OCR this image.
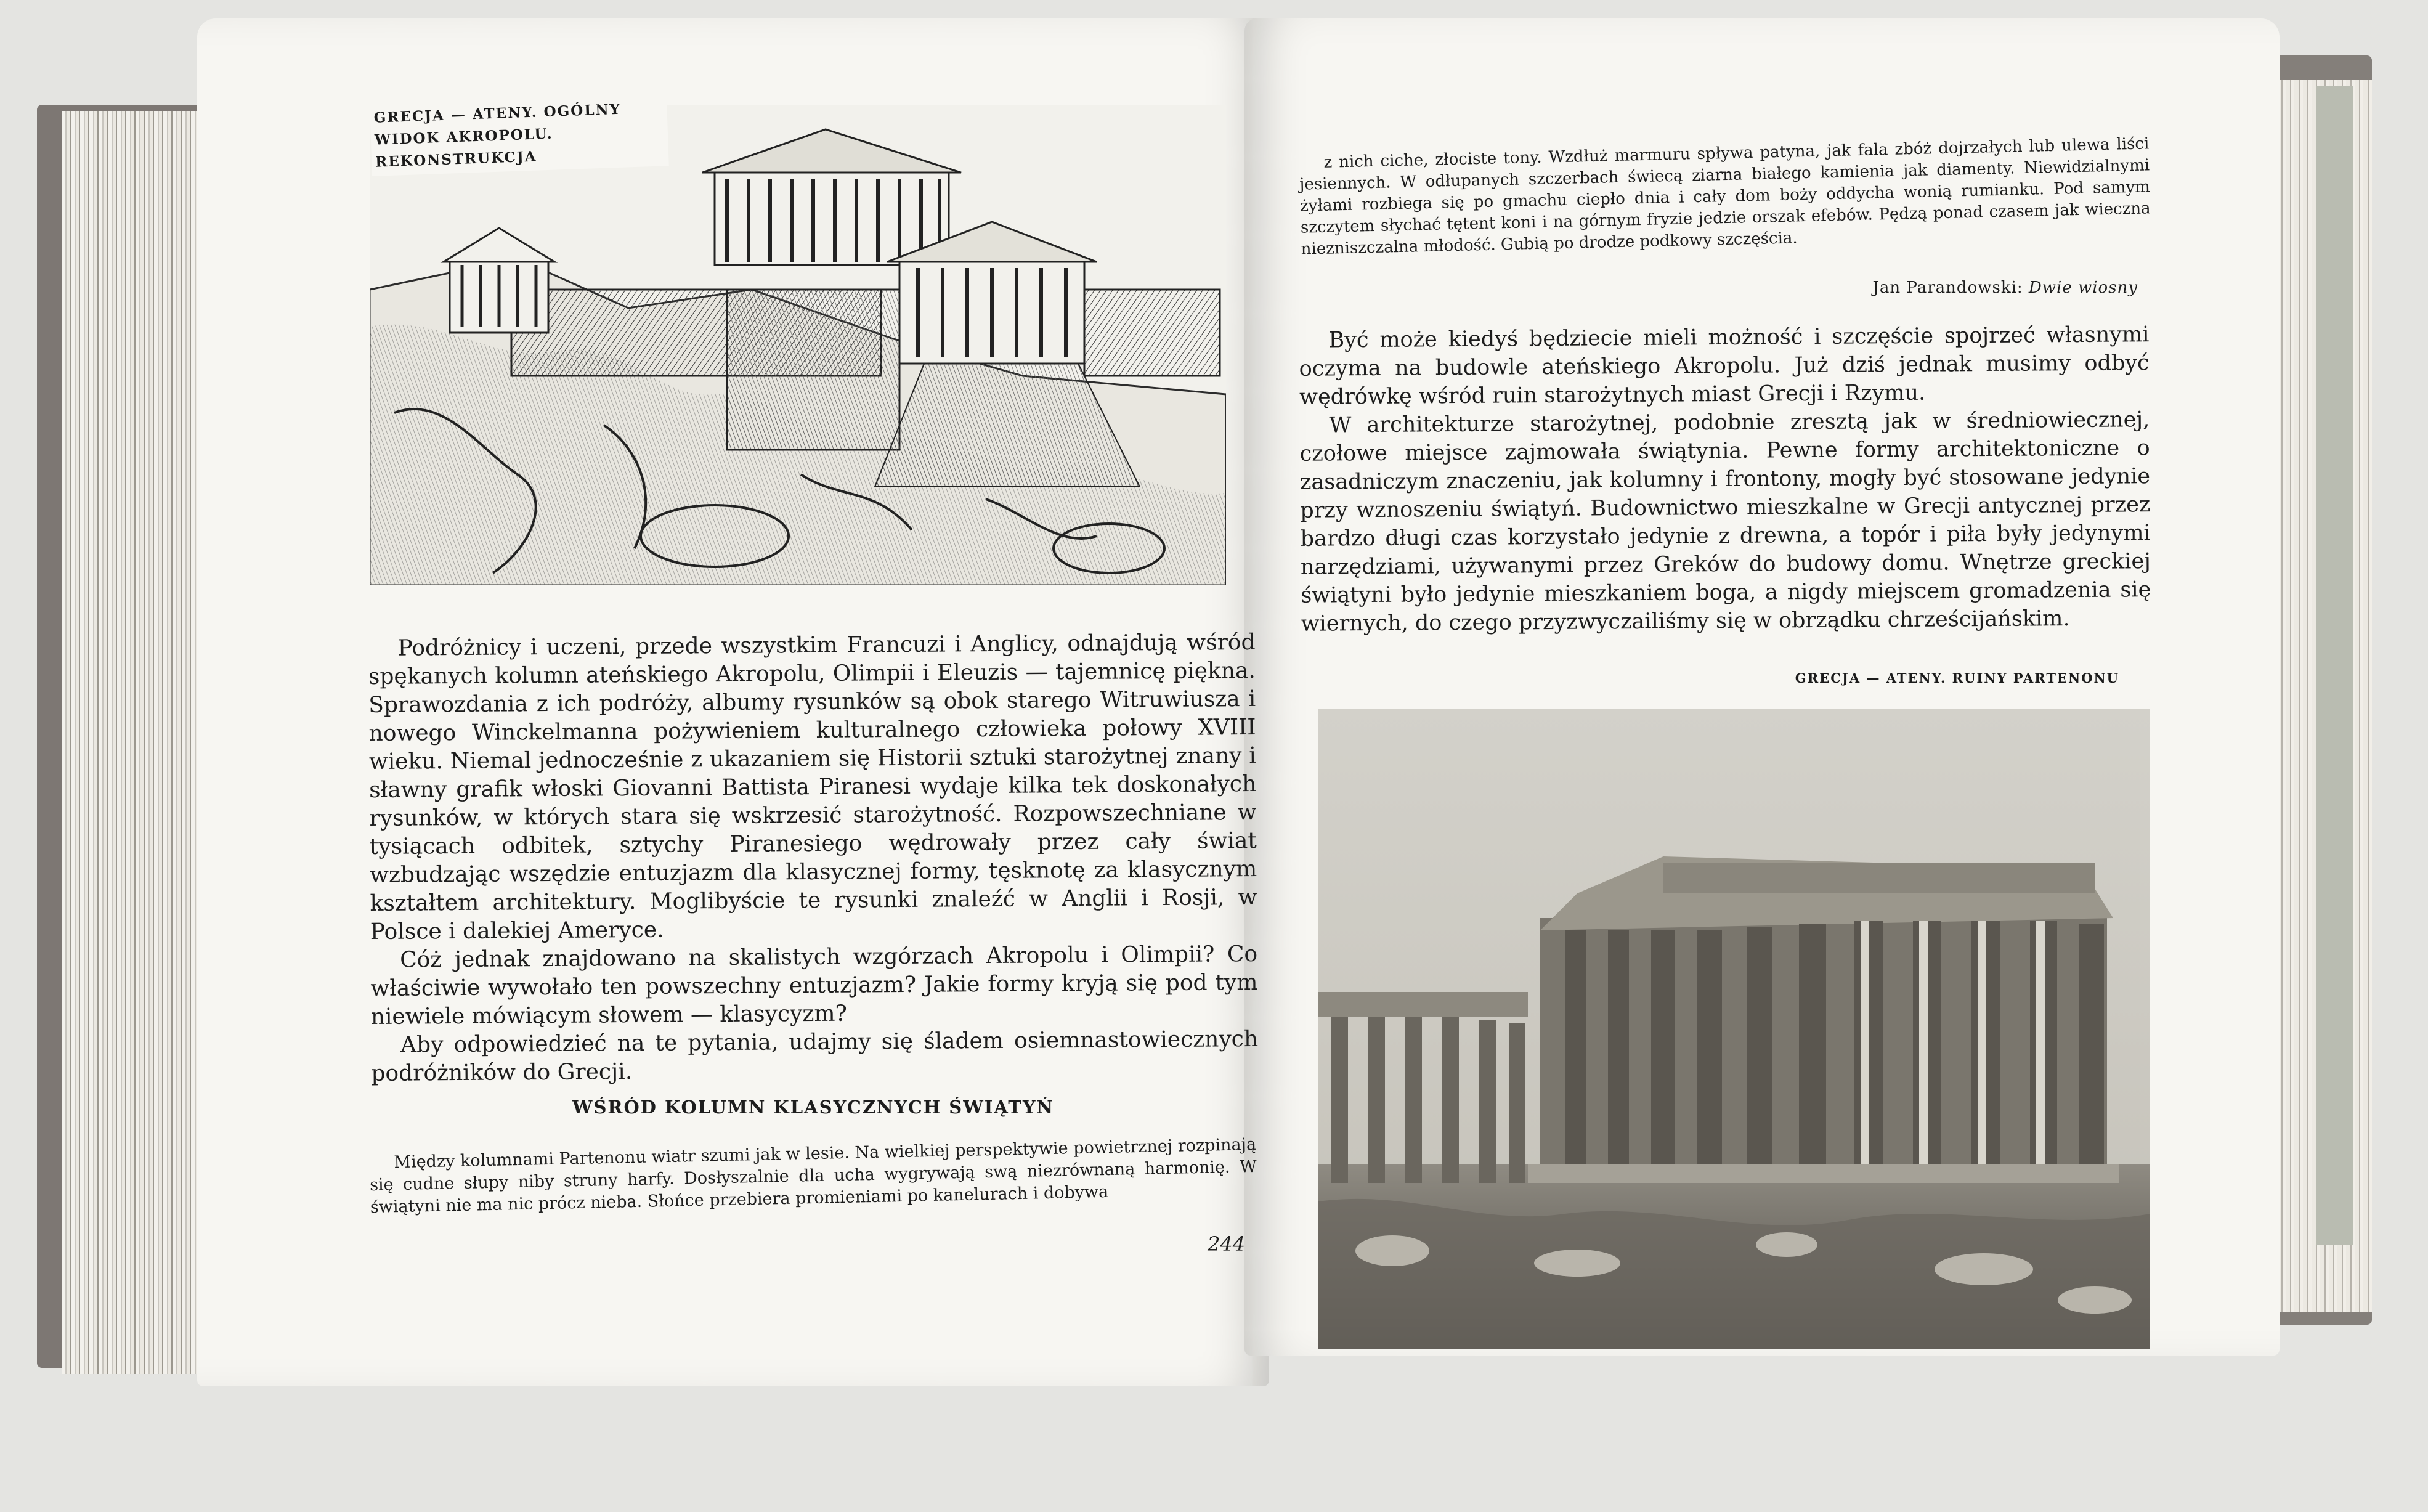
GRECJA — ATENY. OGÓLNY WIDOK AKROPOLU. REKONSTRUKCJA

Podróżnicy i uczeni, przede wszystkim Francuzi i Anglicy, odnajdują wśród spękanych kolumn ateńskiego Akropolu, Olimpii i Eleuzis — tajemnicę piękna. Sprawozdania z ich podróży, albumy rysunków są obok starego Witruwiusza i nowego Winckelmanna pożywieniem kulturalnego człowieka połowy XVIII wieku. Niemal jednocześnie z ukazaniem się Historii sztuki starożytnej znany i sławny grafik włoski Giovanni Battista Piranesi wydaje kilka tek doskonałych rysunków, w których stara się wskrzesić starożytność. Rozpowszechniane w tysiącach odbitek, sztychy Piranesiego wędrowały przez cały świat wzbudzając wszędzie entuzjazm dla klasycznej formy, tęsknotę za klasycznym kształtem architektury. Moglibyście te rysunki znaleźć w Anglii i Rosji, w Polsce i dalekiej Ameryce.

Cóż jednak znajdowano na skalistych wzgórzach Akropolu i Olimpii? Co właściwie wywołało ten powszechny entuzjazm? Jakie formy kryją się pod tym niewiele mówiącym słowem — klasycyzm?

Aby odpowiedzieć na te pytania, udajmy się śladem osiemnastowiecznych podróżników do Grecji.

WŚRÓD KOLUMN KLASYCZNYCH ŚWIĄTYŃ

Między kolumnami Partenonu wiatr szumi jak w lesie. Na wielkiej perspektywie powietrznej rozpinają się cudne słupy niby struny harfy. Dosłyszalnie dla ucha wygrywają swą niezrównaną harmonię. W świątyni nie ma nic prócz nieba. Słońce przebiera promieniami po kanelurach i dobywa

244

z nich ciche, złociste tony. Wzdłuż marmuru spływa patyna, jak fala zbóż dojrzałych lub ulewa liści jesiennych. W odłupanych szczerbach świecą ziarna białego kamienia jak diamenty. Niewidzialnymi żyłami rozbiega się po gmachu ciepło dnia i cały dom boży oddycha wonią rumianku. Pod samym szczytem słychać tętent koni i na górnym fryzie jedzie orszak efebów. Pędzą ponad czasem jak wieczna niezniszczalna młodość. Gubią po drodze podkowy szczęścia.

Jan Parandowski: Dwie wiosny

Być może kiedyś będziecie mieli możność i szczęście spojrzeć własnymi oczyma na budowle ateńskiego Akropolu. Już dziś jednak musimy odbyć wędrówkę wśród ruin starożytnych miast Grecji i Rzymu.

W architekturze starożytnej, podobnie zresztą jak w średniowiecznej, czołowe miejsce zajmowała świątynia. Pewne formy architektoniczne o zasadniczym znaczeniu, jak kolumny i frontony, mogły być stosowane jedynie przy wznoszeniu świątyń. Budownictwo mieszkalne w Grecji antycznej przez bardzo długi czas korzystało jedynie z drewna, a topór i piła były jedynymi narzędziami, używanymi przez Greków do budowy domu. Wnętrze greckiej świątyni było jedynie mieszkaniem boga, a nigdy miejscem gromadzenia się wiernych, do czego przyzwyczailiśmy się w obrządku chrześcijańskim.

GRECJA — ATENY. RUINY PARTENONU
